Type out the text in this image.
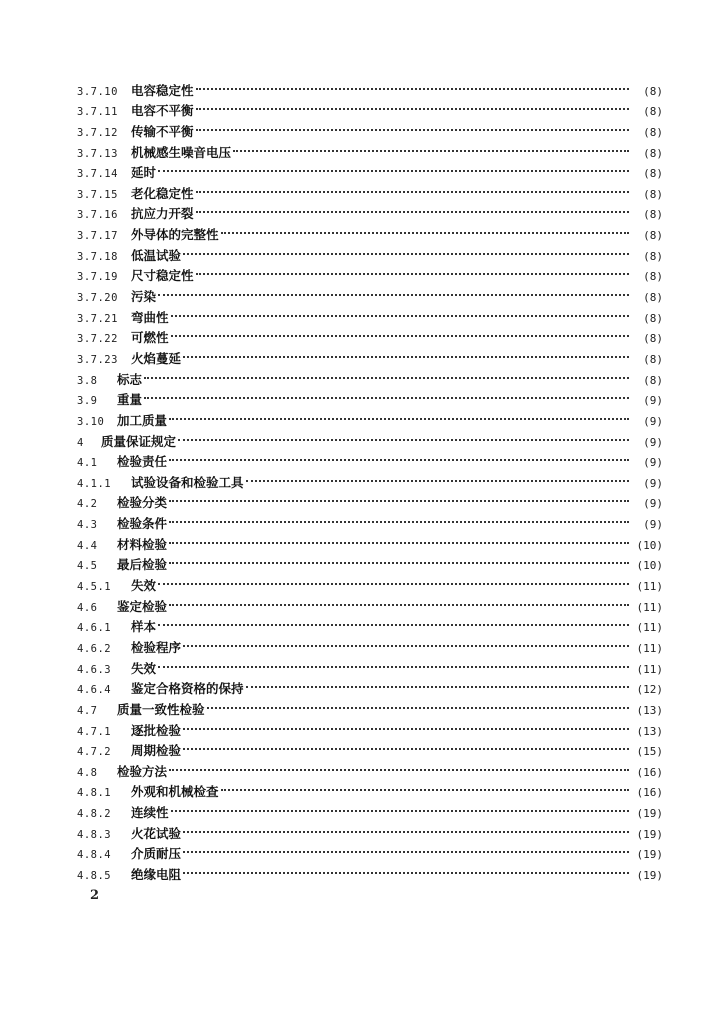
3.7.10	电容稳定性	(8)
3.7.11	电容不平衡	(8)
3.7.12	传输不平衡	(8)
3.7.13	机械感生噪音电压	(8)
3.7.14	延时	(8)
3.7.15	老化稳定性	(8)
3.7.16	抗应力开裂	(8)
3.7.17	外导体的完整性	(8)
3.7.18	低温试验	(8)
3.7.19	尺寸稳定性	(8)
3.7.20	污染	(8)
3.7.21	弯曲性	(8)
3.7.22	可燃性	(8)
3.7.23	火焰蔓延	(8)
3.8	标志	(8)
3.9	重量	(9)
3.10	加工质量	(9)
4	质量保证规定	(9)
4.1	检验责任	(9)
4.1.1	试验设备和检验工具	(9)
4.2	检验分类	(9)
4.3	检验条件	(9)
4.4	材料检验	(10)
4.5	最后检验	(10)
4.5.1	失效	(11)
4.6	鉴定检验	(11)
4.6.1	样本	(11)
4.6.2	检验程序	(11)
4.6.3	失效	(11)
4.6.4	鉴定合格资格的保持	(12)
4.7	质量一致性检验	(13)
4.7.1	逐批检验	(13)
4.7.2	周期检验	(15)
4.8	检验方法	(16)
4.8.1	外观和机械检查	(16)
4.8.2	连续性	(19)
4.8.3	火花试验	(19)
4.8.4	介质耐压	(19)
4.8.5	绝缘电阻	(19)
2
